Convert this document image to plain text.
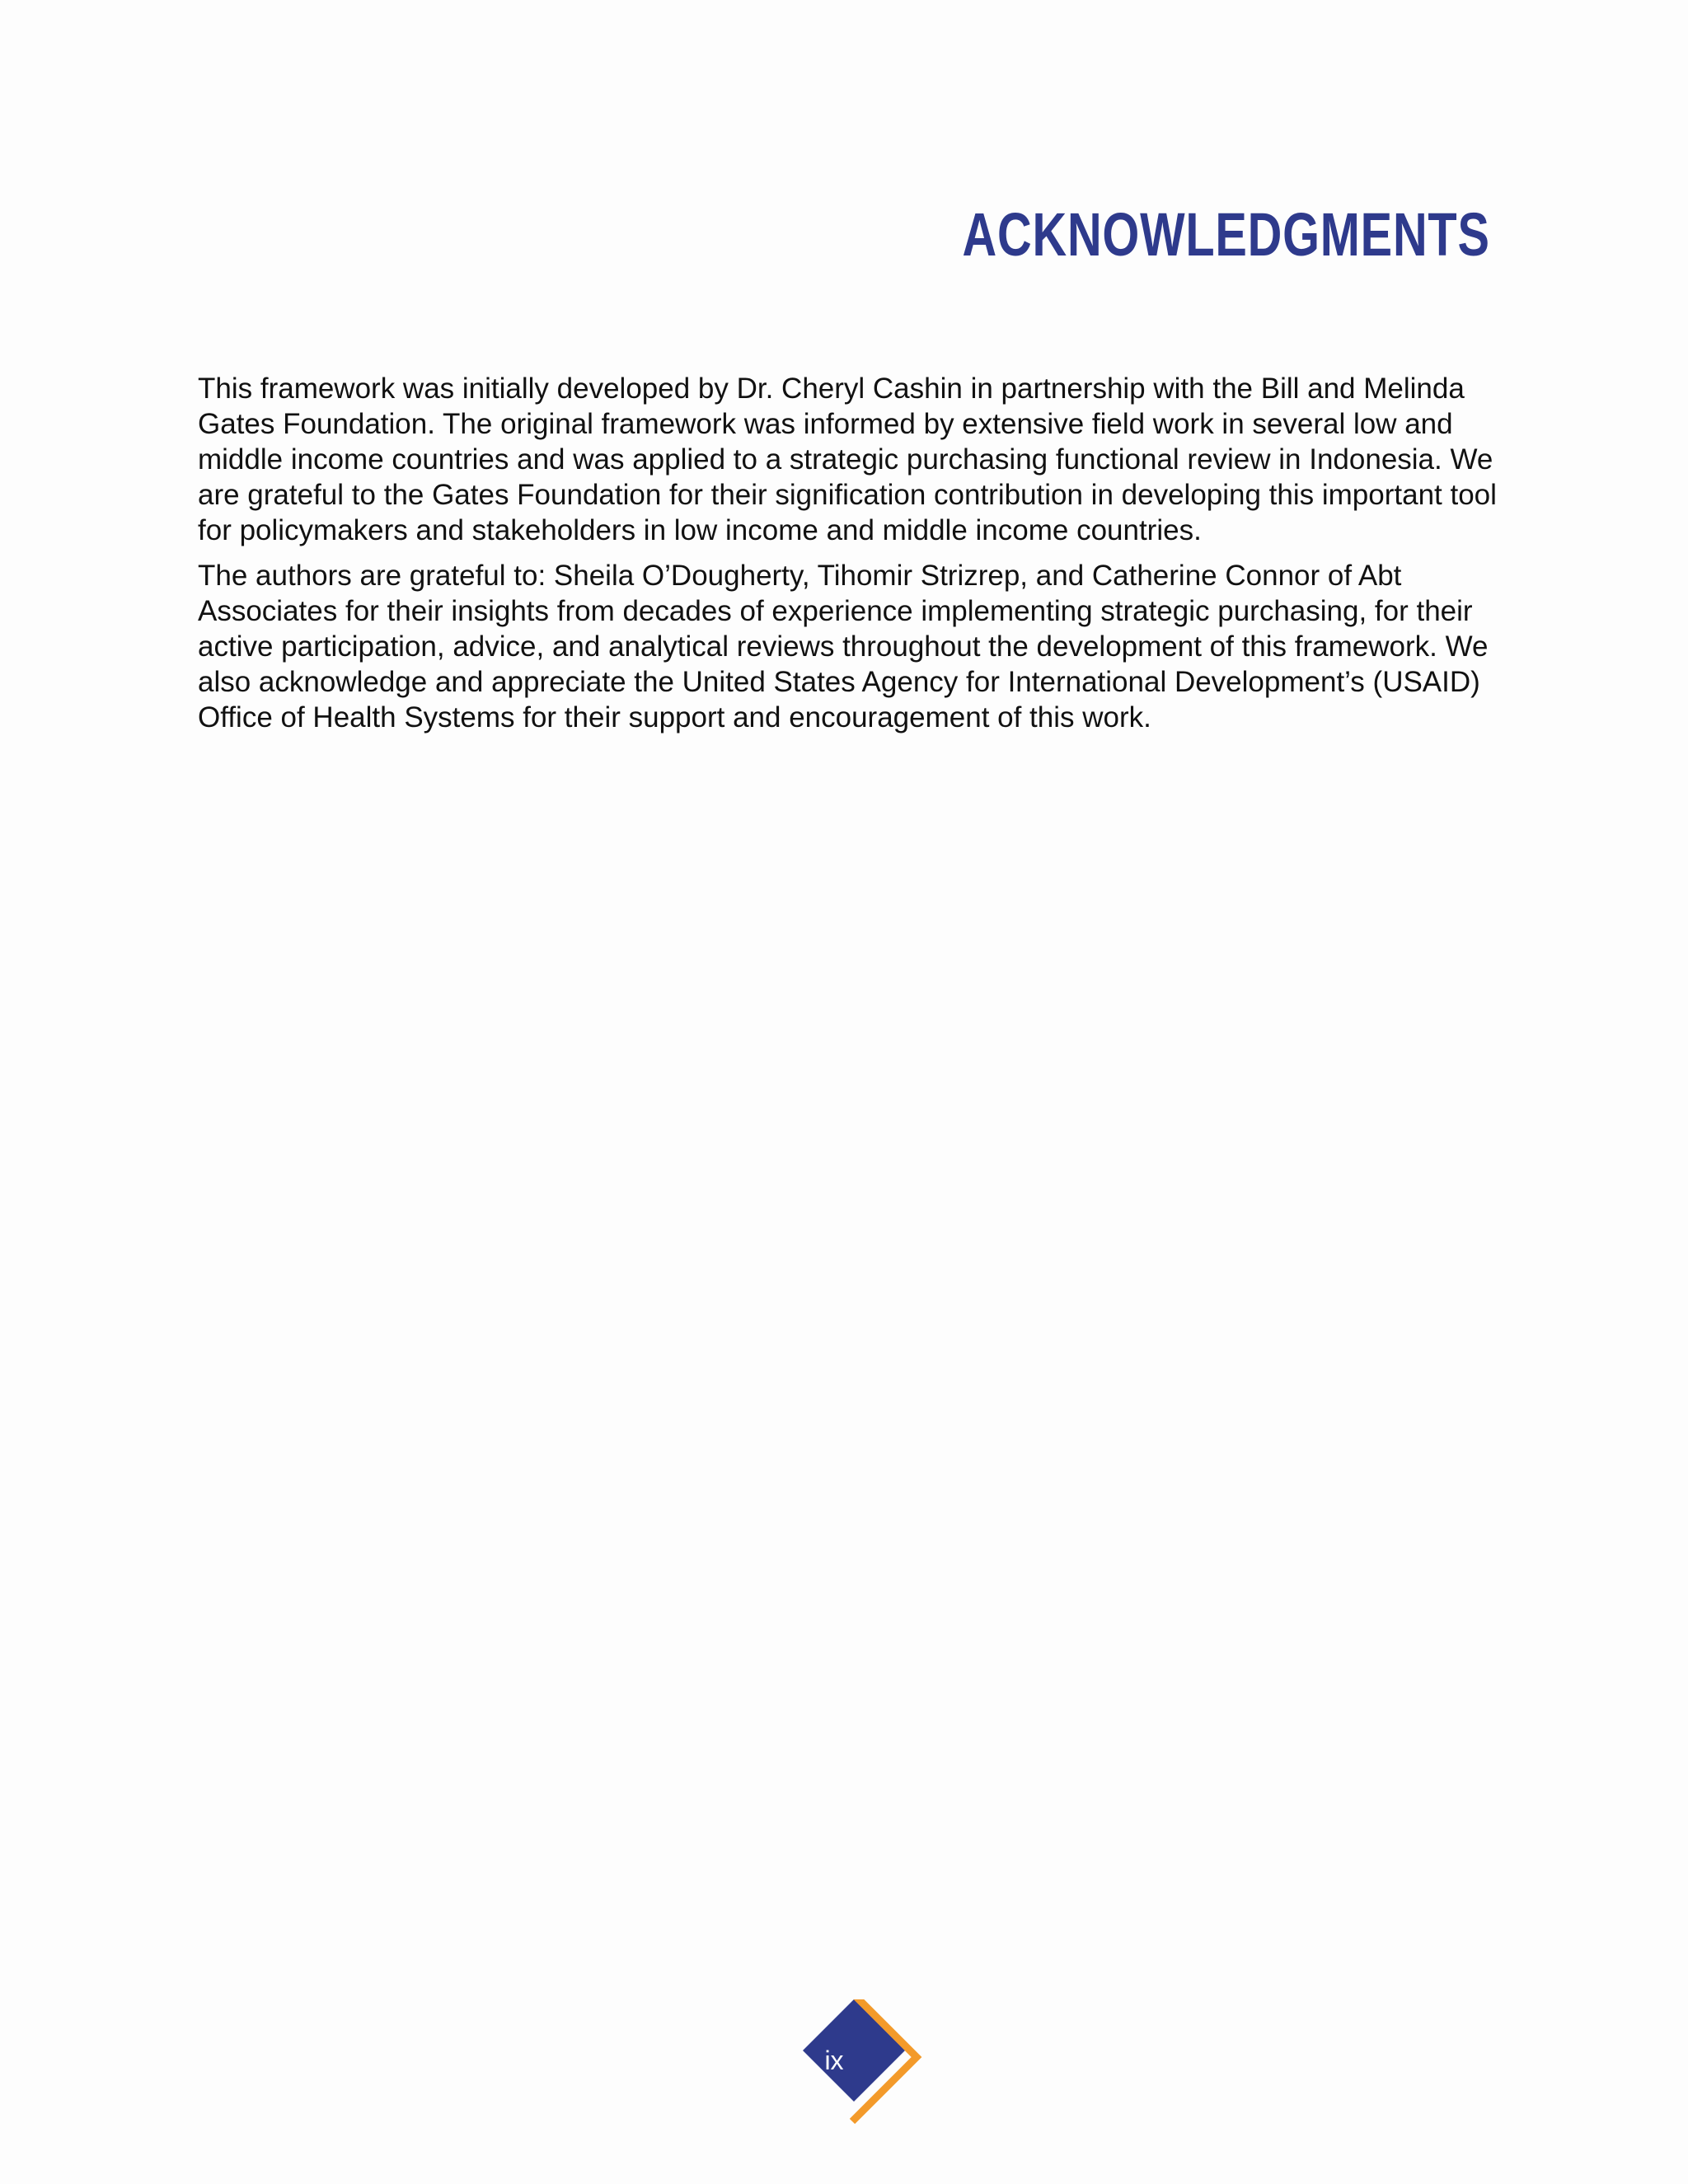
ACKNOWLEDGMENTS

This framework was initially developed by Dr. Cheryl Cashin in partnership with the Bill and Melinda Gates Foundation. The original framework was informed by extensive field work in several low and middle income countries and was applied to a strategic purchasing functional review in Indonesia. We are grateful to the Gates Foundation for their signification contribution in developing this important tool for policymakers and stakeholders in low income and middle income countries.

The authors are grateful to: Sheila O’Dougherty, Tihomir Strizrep, and Catherine Connor of Abt Associates for their insights from decades of experience implementing strategic purchasing, for their active participation, advice, and analytical reviews throughout the development of this framework. We also acknowledge and appreciate the United States Agency for International Development’s (USAID) Office of Health Systems for their support and encouragement of this work.

ix
